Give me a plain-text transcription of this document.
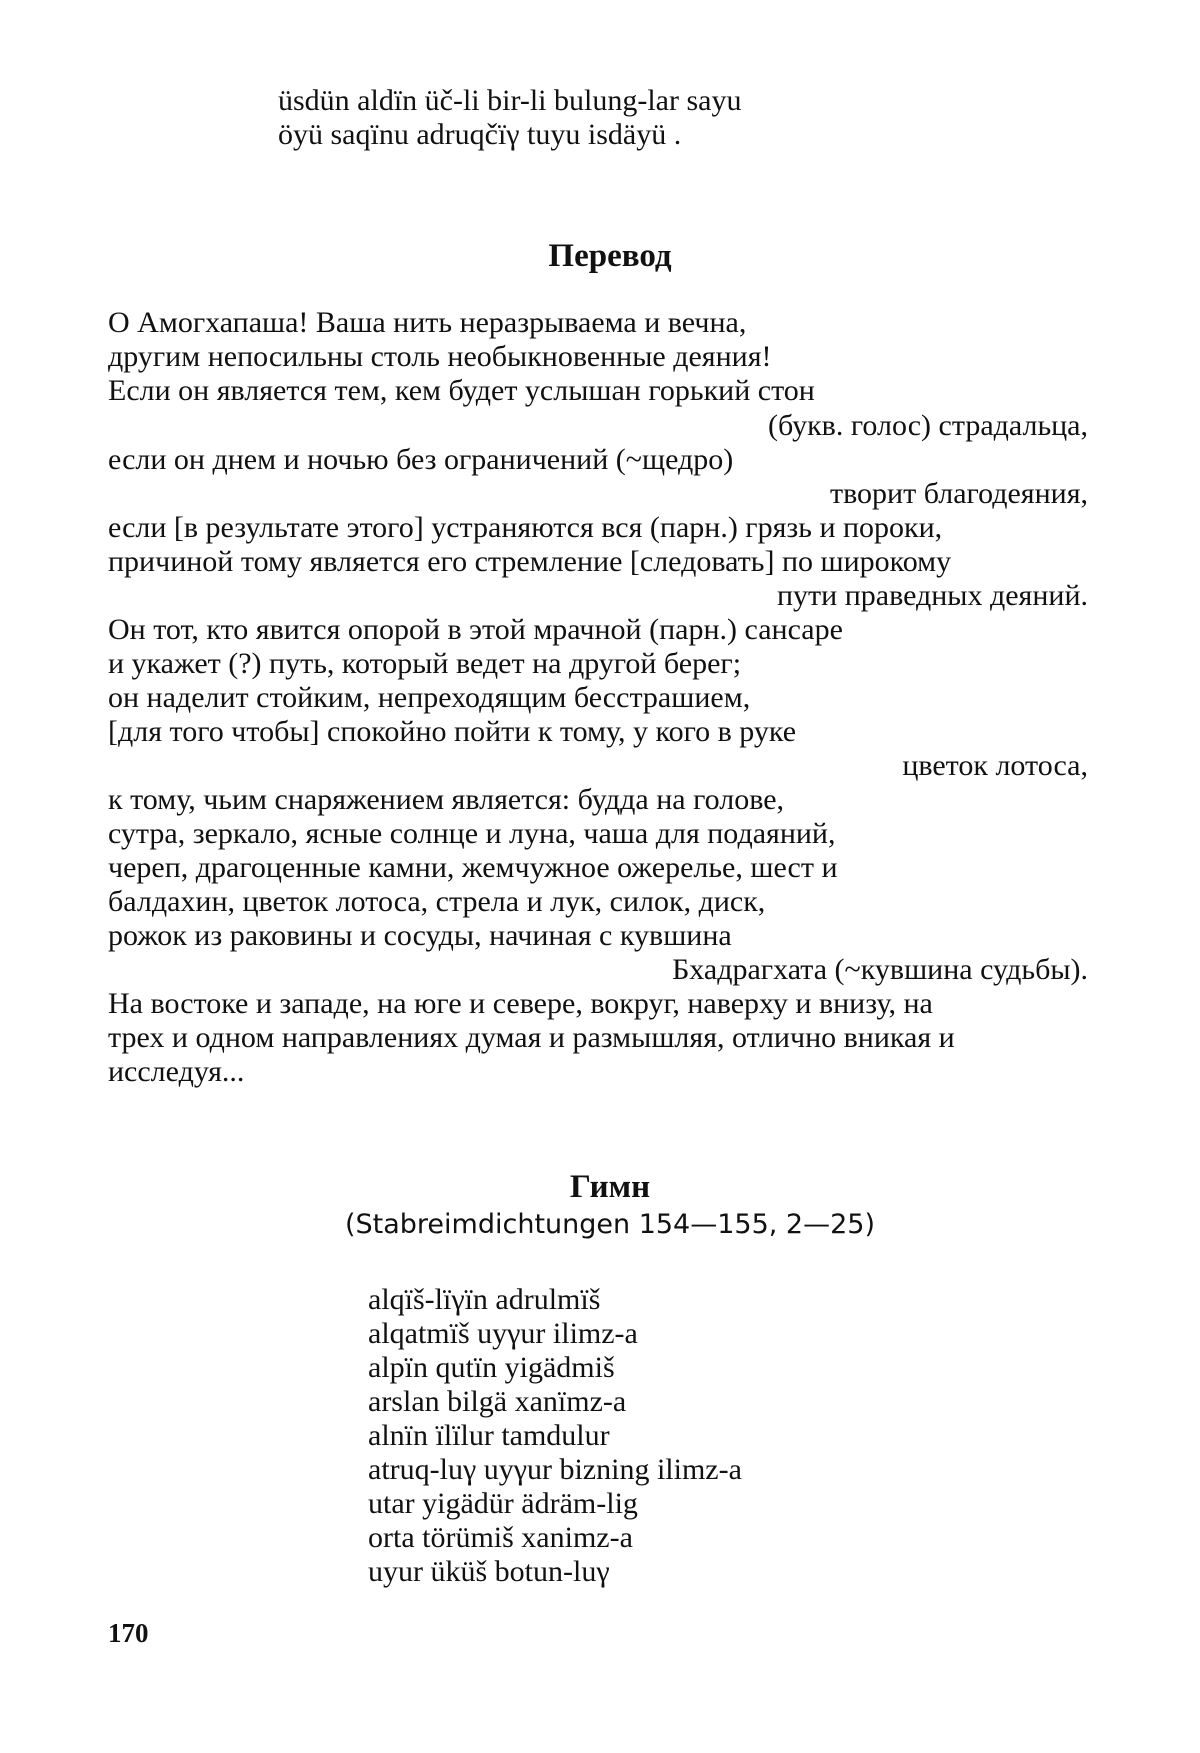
üsdün aldïn üč-li bir-li bulung-lar sayu
öyü saqïnu adruqčïγ tuyu isdäyü .
Перевод
О Амогхапаша! Ваша нить неразрываема и вечна,
другим непосильны столь необыкновенные деяния!
Если он является тем, кем будет услышан горький стон
(букв. голос) страдальца,
если он днем и ночью без ограничений (~щедро)
творит благодеяния,
если [в результате этого] устраняются вся (парн.) грязь и пороки,
причиной тому является его стремление [следовать] по широкому
пути праведных деяний.
Он тот, кто явится опорой в этой мрачной (парн.) сансаре
и укажет (?) путь, который ведет на другой берег;
он наделит стойким, непреходящим бесстрашием,
[для того чтобы] спокойно пойти к тому, у кого в руке
цветок лотоса,
к тому, чьим снаряжением является: будда на голове,
сутра, зеркало, ясные солнце и луна, чаша для подаяний,
череп, драгоценные камни, жемчужное ожерелье, шест и
балдахин, цветок лотоса, стрела и лук, силок, диск,
рожок из раковины и сосуды, начиная с кувшина
Бхадрагхата (~кувшина судьбы).
На востоке и западе, на юге и севере, вокруг, наверху и внизу, на
трех и одном направлениях думая и размышляя, отлично вникая и
исследуя...
Гимн
(Stabreimdichtungen 154—155, 2—25)
alqïš-lïγïn adrulmïš
alqatmïš uyγur ilimz-a
alpïn qutïn yigädmiš
arslan bilgä xanïmz-a
alnïn ïlïlur tamdulur
atruq-luγ uyγur bizning ilimz-a
utar yigädür ädräm-lig
orta törümiš xanimz-a
uyur üküš botun-luγ
170
